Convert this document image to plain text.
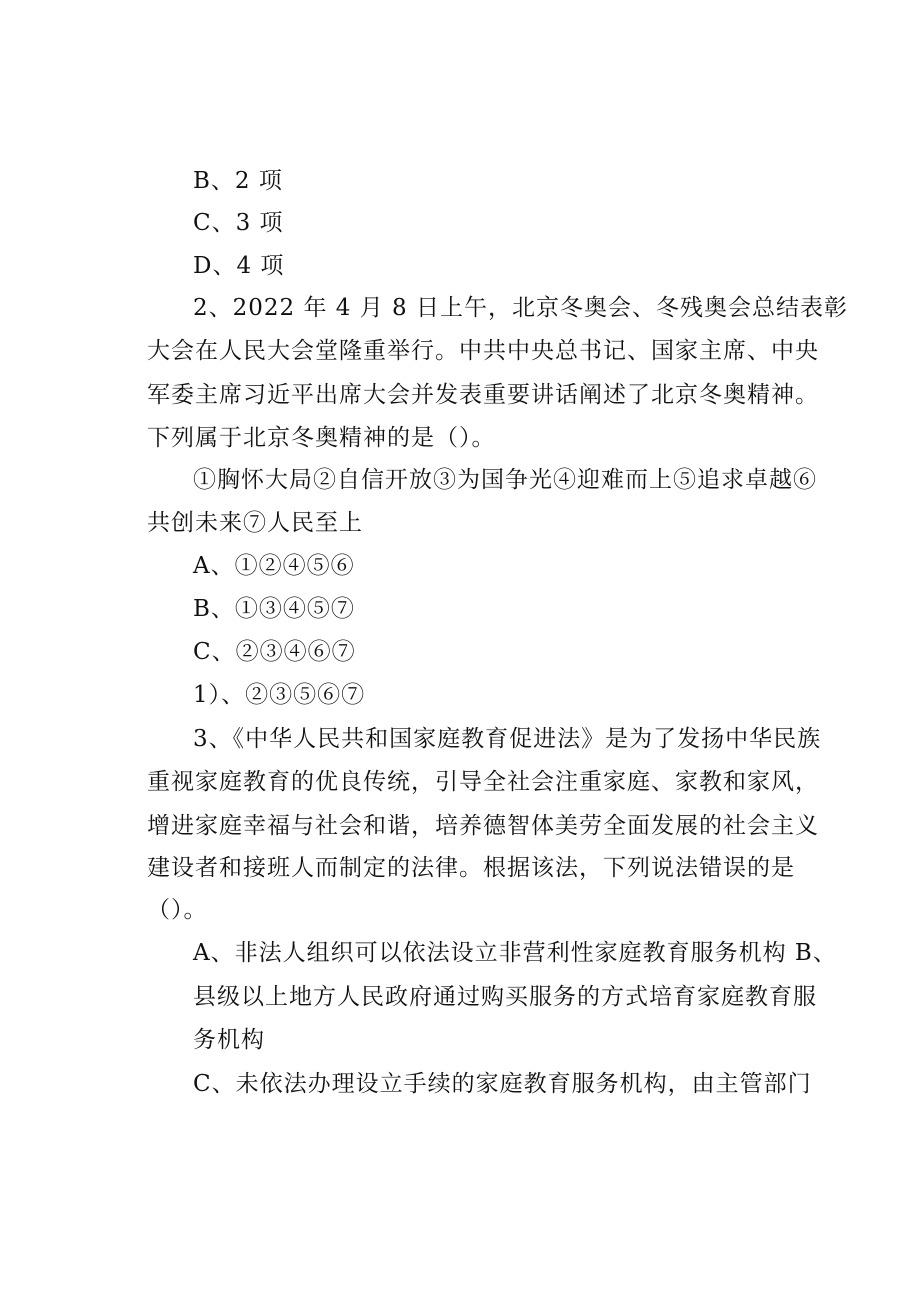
B、2 项
C、3 项
D、4 项
2、2022 年 4 月 8 日上午，北京冬奥会、冬残奥会总结表彰
大会在人民大会堂隆重举行。中共中央总书记、国家主席、中央
军委主席习近平出席大会并发表重要讲话阐述了北京冬奥精神。
下列属于北京冬奥精神的是（）。
①胸怀大局②自信开放③为国争光④迎难而上⑤追求卓越⑥
共创未来⑦人民至上
A、①②④⑤⑥
B、①③④⑤⑦
C、②③④⑥⑦
1）、②③⑤⑥⑦
3、《中华人民共和国家庭教育促进法》是为了发扬中华民族
重视家庭教育的优良传统，引导全社会注重家庭、家教和家风，
增进家庭幸福与社会和谐，培养德智体美劳全面发展的社会主义
建设者和接班人而制定的法律。根据该法，下列说法错误的是
（）。
A、非法人组织可以依法设立非营利性家庭教育服务机构 B、
县级以上地方人民政府通过购买服务的方式培育家庭教育服
务机构
C、未依法办理设立手续的家庭教育服务机构，由主管部门
